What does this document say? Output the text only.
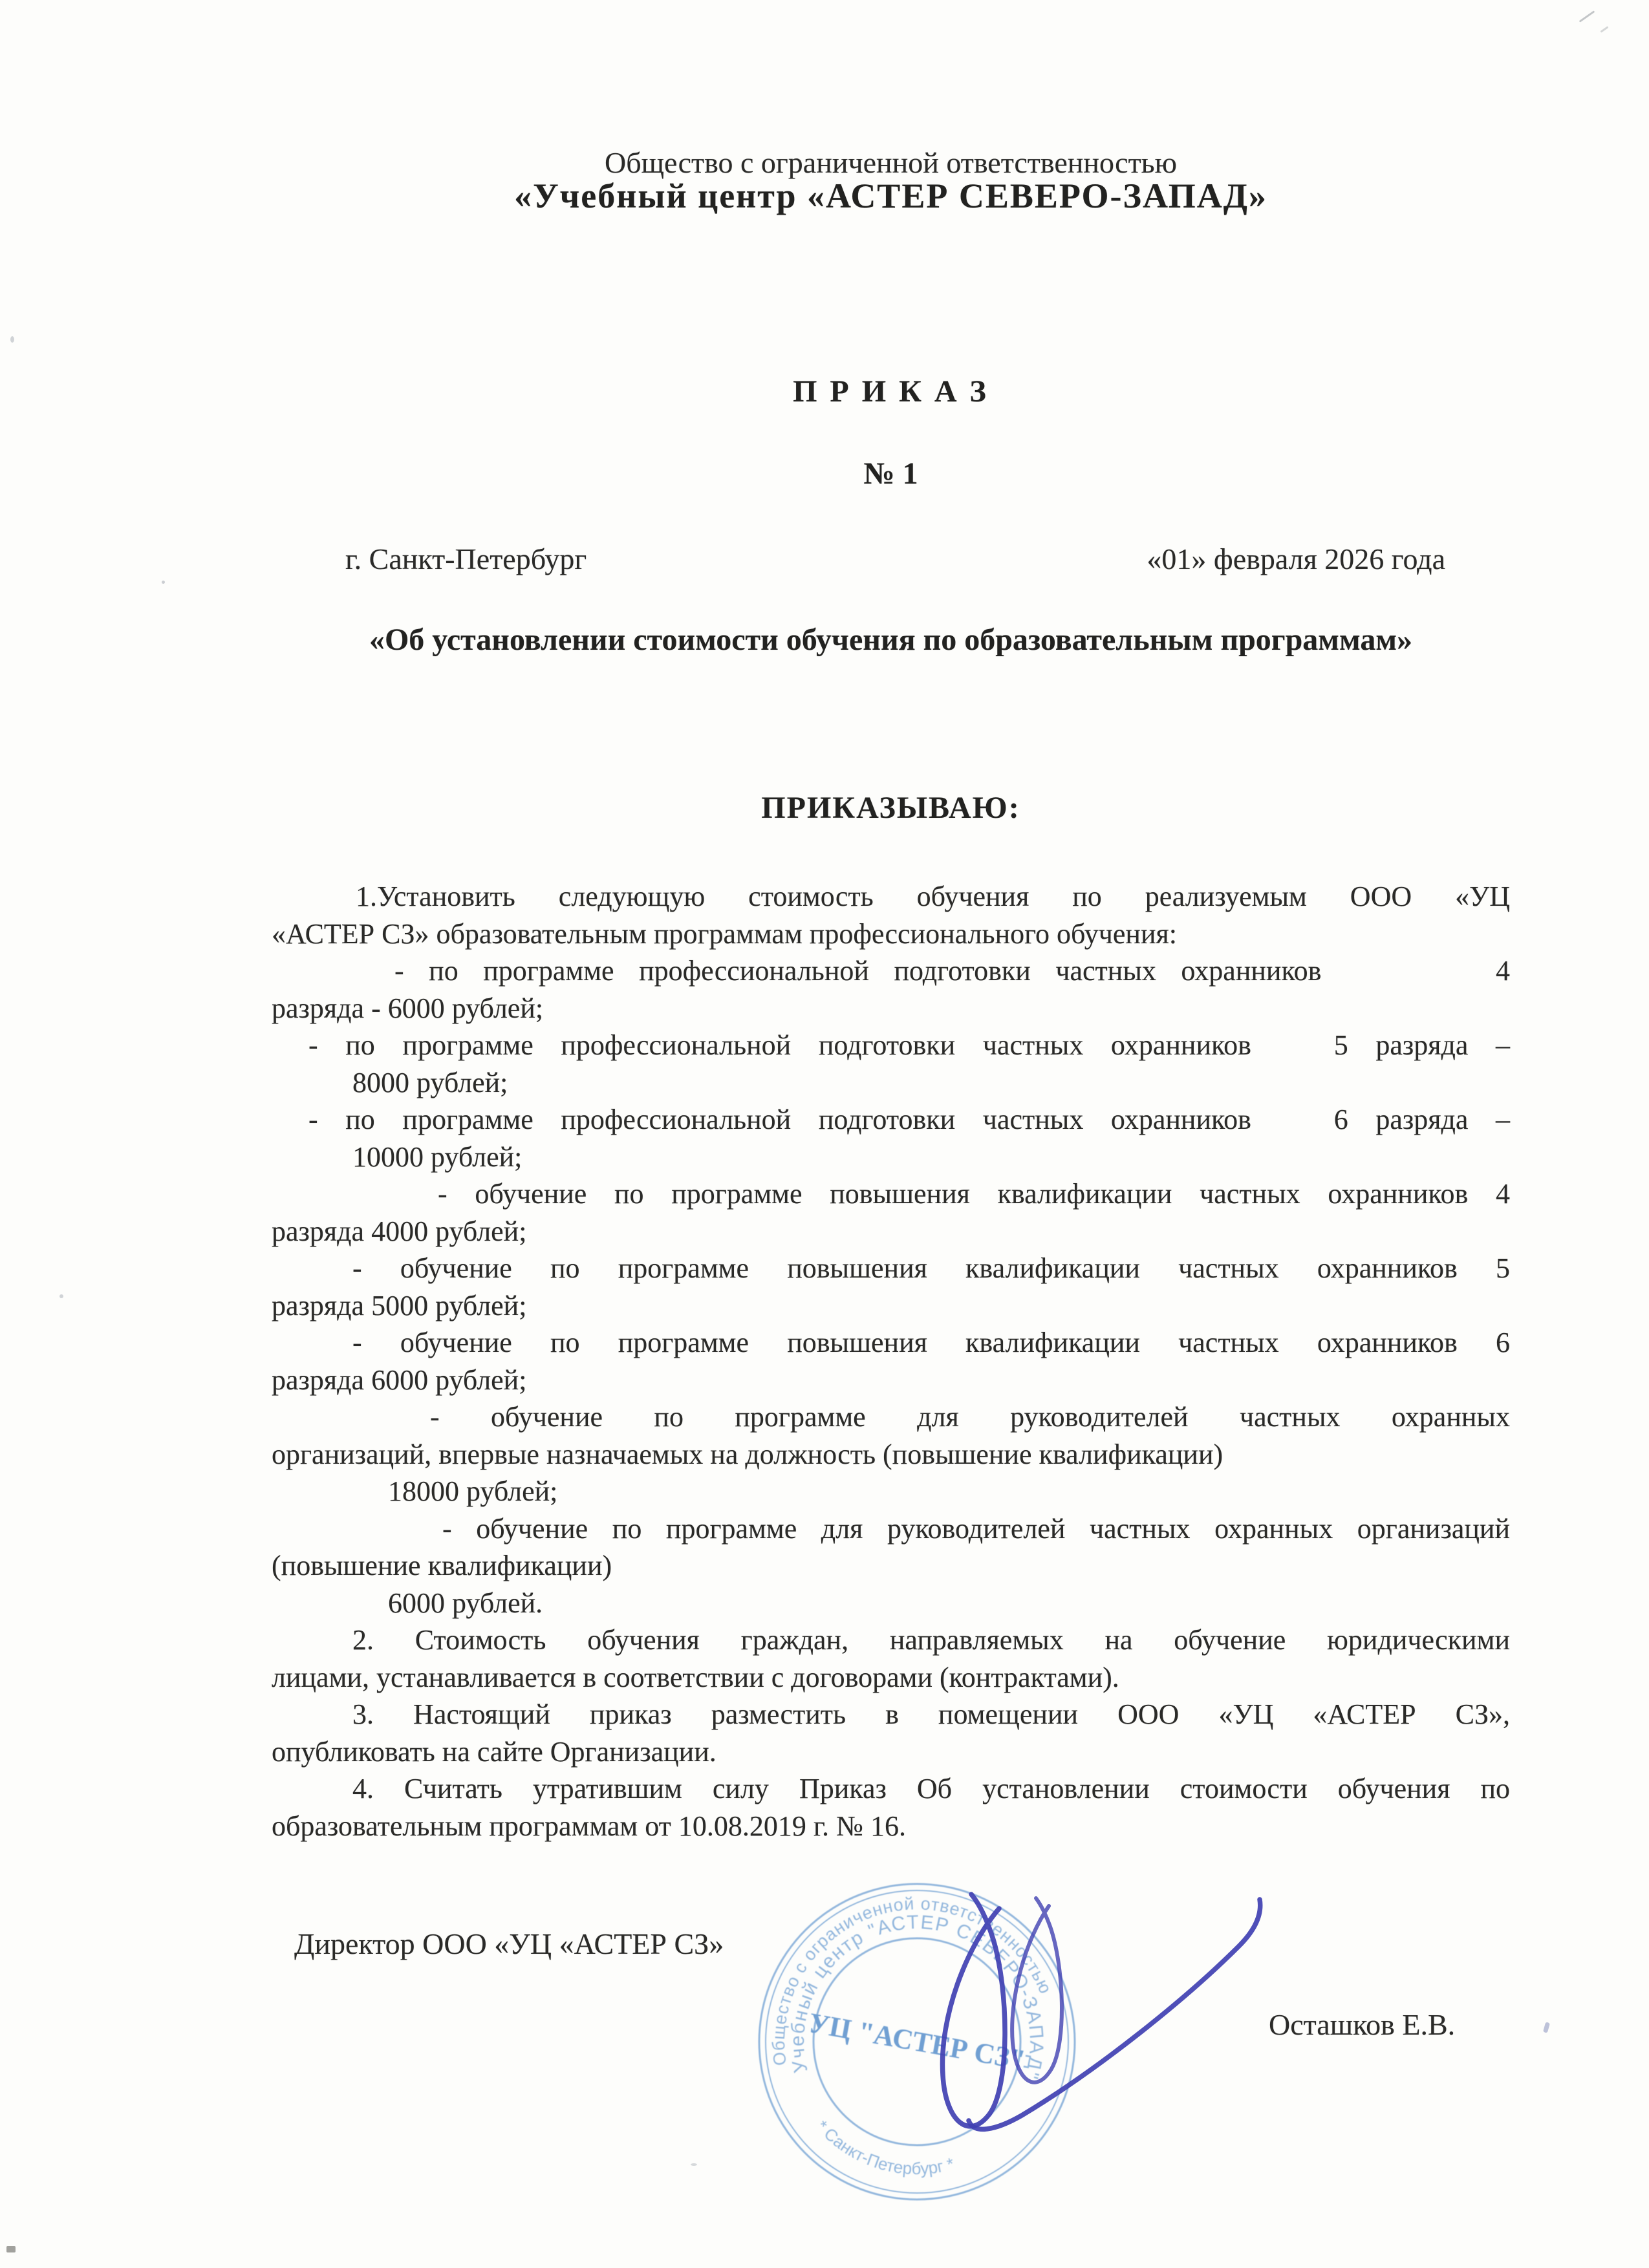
Общество с ограниченной ответственностью
«Учебный центр «АСТЕР СЕВЕРО-ЗАПАД»
П Р И К А З
№ 1
г. Санкт-Петербург	«01» февраля 2026 года
«Об установлении стоимости обучения по образовательным программам»
ПРИКАЗЫВАЮ:
1.Установить следующую стоимость обучения по реализуемым ООО «УЦ
«АСТЕР СЗ» образовательным программам профессионального обучения:
- по программе профессиональной подготовки частных охранников       4
разряда - 6000 рублей;
- по программе профессиональной подготовки частных охранников   5 разряда –
8000 рублей;
- по программе профессиональной подготовки частных охранников   6 разряда –
10000 рублей;
- обучение по программе повышения квалификации частных охранников 4
разряда 4000 рублей;
- обучение по программе повышения квалификации частных охранников 5
разряда 5000 рублей;
- обучение по программе повышения квалификации частных охранников 6
разряда 6000 рублей;
- обучение по программе для руководителей частных охранных
организаций, впервые назначаемых на должность (повышение квалификации)
18000 рублей;
- обучение по программе для руководителей частных охранных организаций
(повышение квалификации)
6000 рублей.
2. Стоимость обучения граждан, направляемых на обучение юридическими
лицами, устанавливается в соответствии с договорами (контрактами).
3. Настоящий приказ разместить в помещении ООО «УЦ «АСТЕР СЗ»,
опубликовать на сайте Организации.
4. Считать утратившим силу Приказ Об установлении стоимости обучения по
образовательным программам от 10.08.2019 г. № 16.
Директор ООО «УЦ «АСТЕР СЗ»
Осташков Е.В.
Общество с ограниченной ответственностью
* Санкт-Петербург *
Учебный центр "АСТЕР СЕВЕРО-ЗАПАД"
УЦ "АСТЕР СЗ"
